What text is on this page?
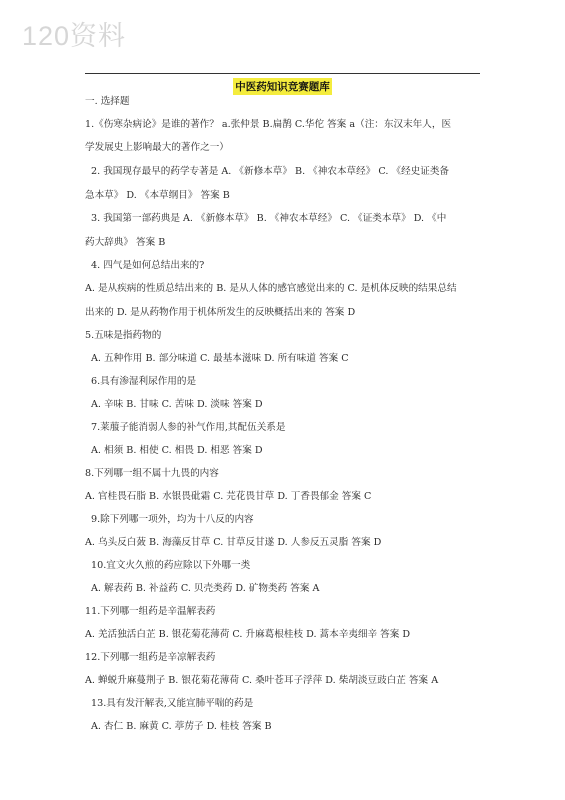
120资料
中医药知识竞赛题库
一. 选择题
1.《伤寒杂病论》是谁的著作？ a.张仲景 B.扁鹊 C.华佗 答案 a（注：东汉末年人，医
学发展史上影响最大的著作之一）
2. 我国现存最早的药学专著是 A. 《新修本草》 B. 《神农本草经》 C. 《经史证类备
急本草》 D. 《本草纲目》 答案 B
3. 我国第一部药典是 A. 《新修本草》 B. 《神农本草经》 C. 《证类本草》 D. 《中
药大辞典》 答案 B
4. 四气是如何总结出来的?
A. 是从疾病的性质总结出来的 B. 是从人体的感官感觉出来的 C. 是机体反映的结果总结
出来的 D. 是从药物作用于机体所发生的反映概括出来的 答案 D
5.五味是指药物的
A. 五种作用 B. 部分味道 C. 最基本滋味 D. 所有味道 答案 C
6.具有渗湿利尿作用的是
A. 辛味 B. 甘味 C. 苦味 D. 淡味 答案 D
7.莱菔子能消弱人参的补气作用,其配伍关系是
A. 相须 B. 相使 C. 相畏 D. 相恶 答案 D
8.下列哪一组不属十九畏的内容
A. 官桂畏石脂 B. 水银畏砒霜 C. 芫花畏甘草 D. 丁香畏郁金 答案 C
9.除下列哪一项外，均为十八反的内容
A. 乌头反白蔹 B. 海藻反甘草 C. 甘草反甘遂 D. 人参反五灵脂 答案 D
10.宜文火久煎的药应除以下外哪一类
A. 解表药 B. 补益药 C. 贝壳类药 D. 矿物类药 答案 A
11.下列哪一组药是辛温解表药
A. 羌活独活白芷 B. 银花菊花薄荷 C. 升麻葛根桂枝 D. 蒿本辛夷细辛 答案 D
12.下列哪一组药是辛凉解表药
A. 蝉蜕升麻蔓荆子 B. 银花菊花薄荷 C. 桑叶苍耳子浮萍 D. 柴胡淡豆豉白芷 答案 A
13.具有发汗解表,又能宣肺平喘的药是
A. 杏仁 B. 麻黄 C. 葶苈子 D. 桂枝 答案 B
